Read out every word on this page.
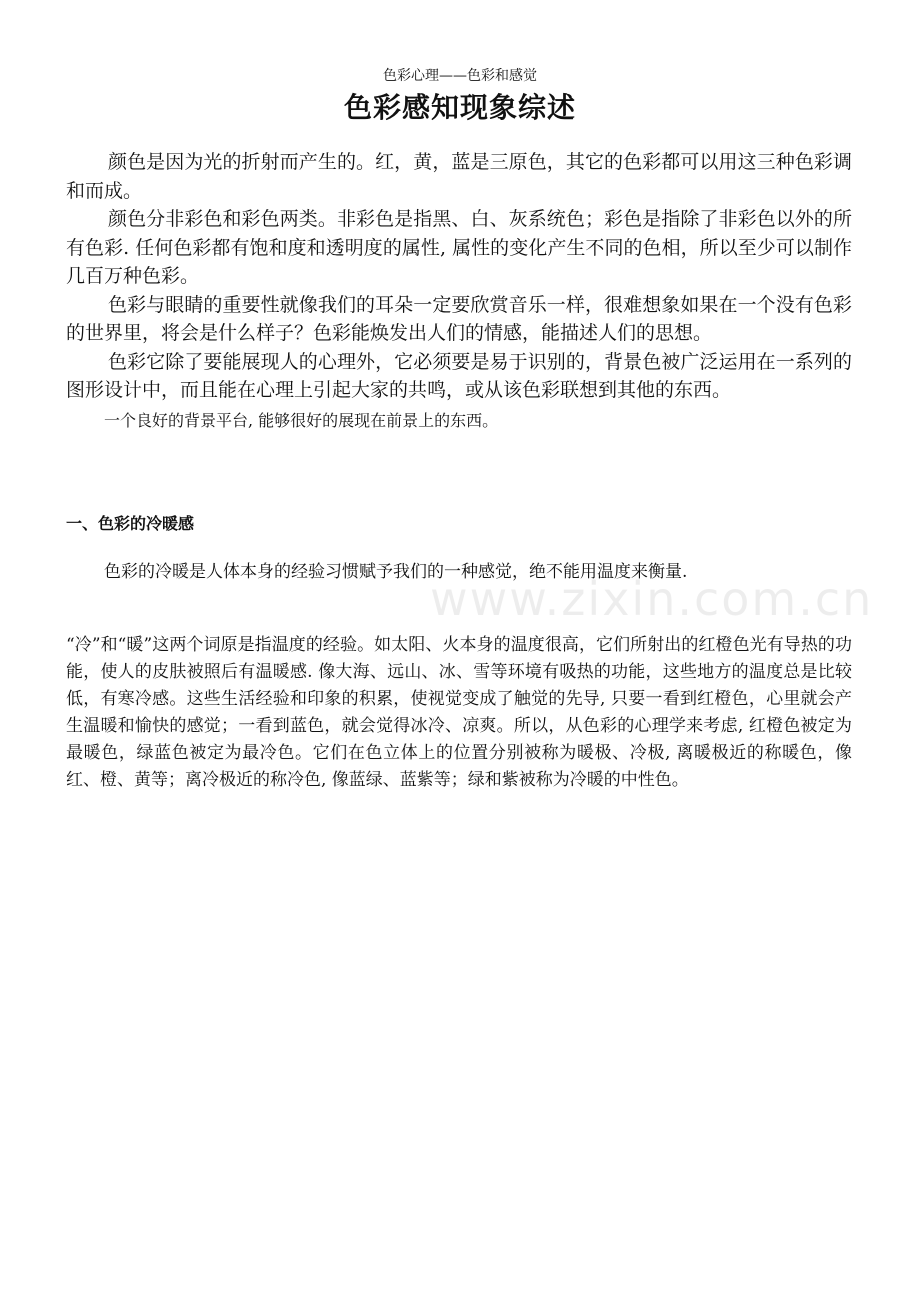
色彩心理——色彩和感觉
色彩感知现象综述

颜色是因为光的折射而产生的。红，黄，蓝是三原色，其它的色彩都可以用这三种色彩调和而成。

颜色分非彩色和彩色两类。非彩色是指黑、白、灰系统色；彩色是指除了非彩色以外的所有色彩. 任何色彩都有饱和度和透明度的属性, 属性的变化产生不同的色相，所以至少可以制作几百万种色彩。

色彩与眼睛的重要性就像我们的耳朵一定要欣赏音乐一样，很难想象如果在一个没有色彩的世界里，将会是什么样子？色彩能焕发出人们的情感，能描述人们的思想。

色彩它除了要能展现人的心理外，它必须要是易于识别的，背景色被广泛运用在一系列的图形设计中，而且能在心理上引起大家的共鸣，或从该色彩联想到其他的东西。

一个良好的背景平台, 能够很好的展现在前景上的东西。

一、色彩的冷暖感

色彩的冷暖是人体本身的经验习惯赋予我们的一种感觉，绝不能用温度来衡量.

www.zixin.com.cn

“冷”和“暖”这两个词原是指温度的经验。如太阳、火本身的温度很高，它们所射出的红橙色光有导热的功能，使人的皮肤被照后有温暖感. 像大海、远山、冰、雪等环境有吸热的功能，这些地方的温度总是比较低，有寒冷感。这些生活经验和印象的积累，使视觉变成了触觉的先导, 只要一看到红橙色，心里就会产生温暖和愉快的感觉；一看到蓝色，就会觉得冰冷、凉爽。所以，从色彩的心理学来考虑, 红橙色被定为最暖色，绿蓝色被定为最冷色。它们在色立体上的位置分别被称为暖极、冷极, 离暖极近的称暖色，像红、橙、黄等；离冷极近的称冷色, 像蓝绿、蓝紫等；绿和紫被称为冷暖的中性色。
